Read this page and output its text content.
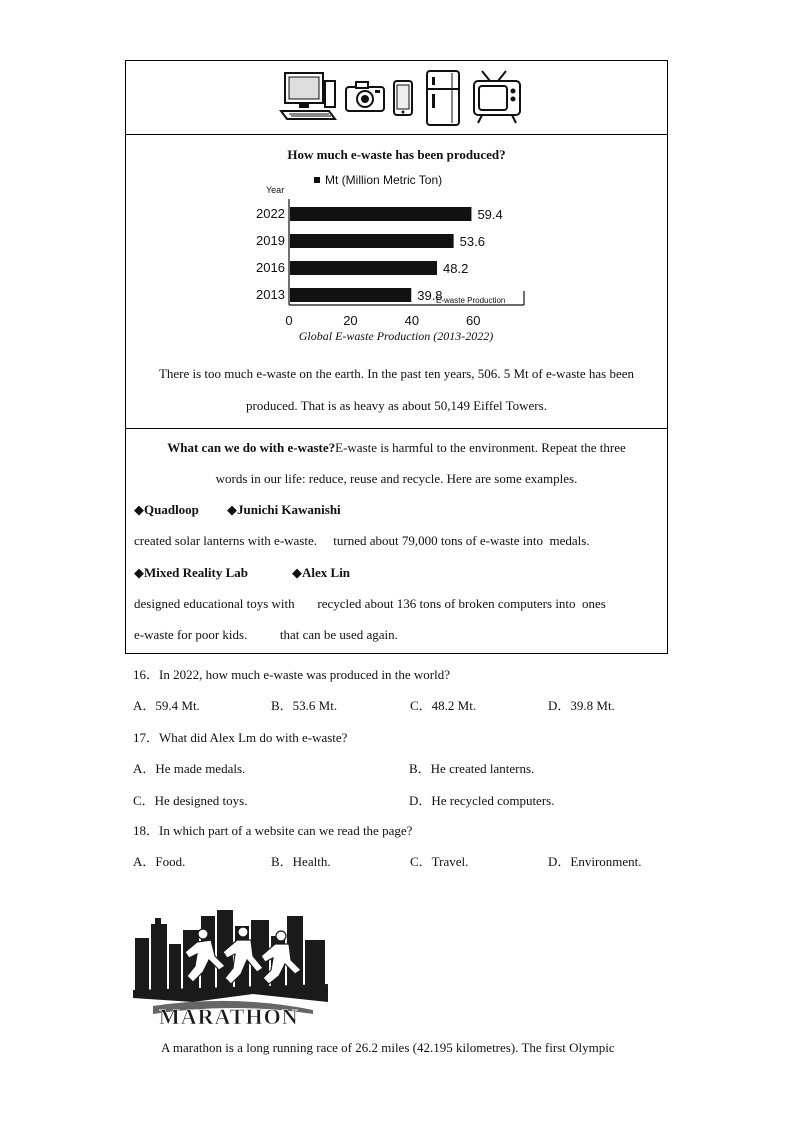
How much e-waste has been produced?
Mt (Million Metric Ton)
Year
2022	59.4
2019	53.6
2016	48.2
2013	39.8
E-waste Production
0	20	40	60
Global E-waste Production (2013-2022)
There is too much e-waste on the earth. In the past ten years, 506. 5 Mt of e-waste has been
produced. That is as heavy as about 50,149 Eiffel Towers.
What can we do with e-waste?E-waste is harmful to the environment. Repeat the three
words in our life: reduce, reuse and recycle. Here are some examples.
◆Quadloop ◆Junichi Kawanishi
created solar lanterns with e-waste.     turned about 79,000 tons of e-waste into  medals.
◆Mixed Reality Lab	◆Alex Lin
designed educational toys with       recycled about 136 tons of broken computers into  ones
e-waste for poor kids.          that can be used again.
16．In 2022, how much e-waste was produced in the world?
A．59.4 Mt.	B．53.6 Mt.	C．48.2 Mt.	D．39.8 Mt.
17．What did Alex Lm do with e-waste?
A．He made medals.	B．He created lanterns.
C．He designed toys.	D．He recycled computers.
18．In which part of a website can we read the page?
A．Food.	B．Health.	C．Travel.	D．Environment.
MARATHON
A marathon is a long running race of 26.2 miles (42.195 kilometres). The first Olympic
